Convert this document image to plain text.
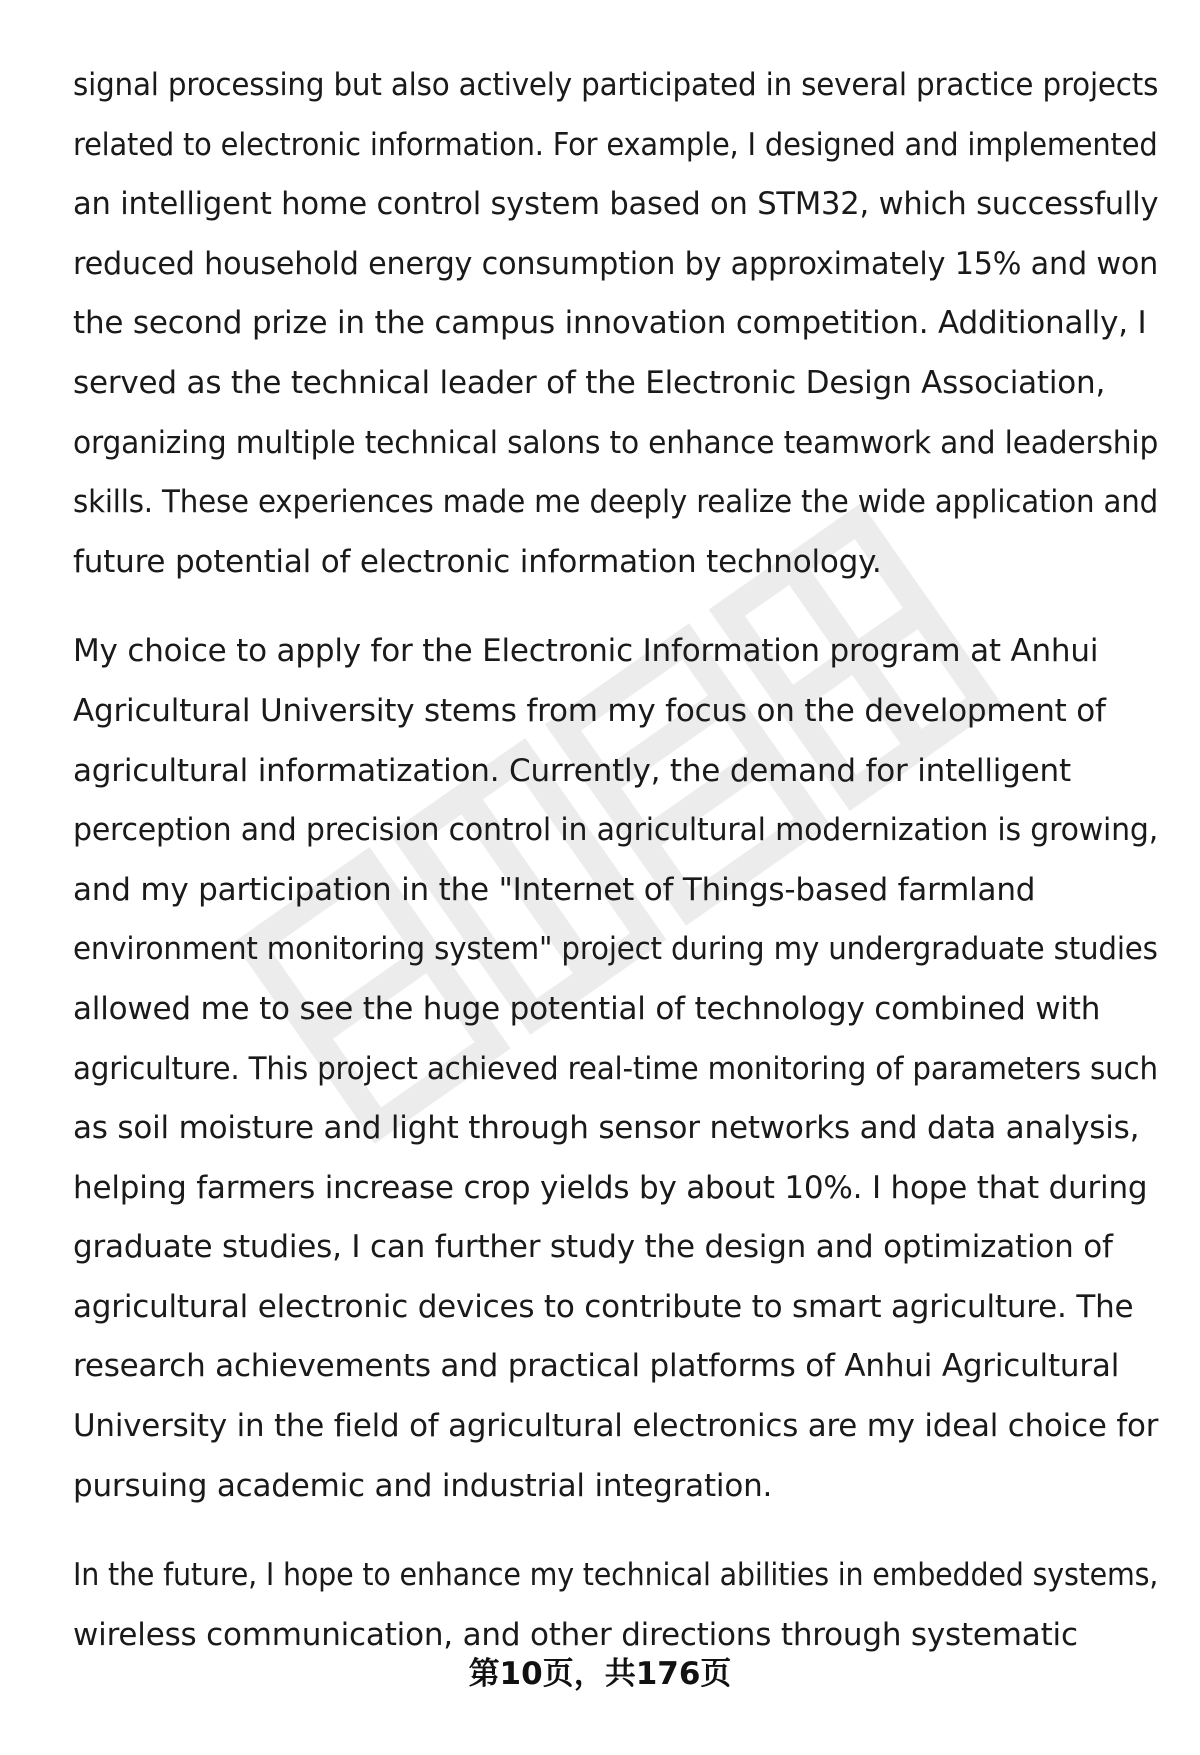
signal processing but also actively participated in several practice projects
related to electronic information. For example, I designed and implemented
an intelligent home control system based on STM32, which successfully
reduced household energy consumption by approximately 15% and won
the second prize in the campus innovation competition. Additionally, I
served as the technical leader of the Electronic Design Association,
organizing multiple technical salons to enhance teamwork and leadership
skills. These experiences made me deeply realize the wide application and
future potential of electronic information technology.

My choice to apply for the Electronic Information program at Anhui
Agricultural University stems from my focus on the development of
agricultural informatization. Currently, the demand for intelligent
perception and precision control in agricultural modernization is growing,
and my participation in the "Internet of Things-based farmland
environment monitoring system" project during my undergraduate studies
allowed me to see the huge potential of technology combined with
agriculture. This project achieved real-time monitoring of parameters such
as soil moisture and light through sensor networks and data analysis,
helping farmers increase crop yields by about 10%. I hope that during
graduate studies, I can further study the design and optimization of
agricultural electronic devices to contribute to smart agriculture. The
research achievements and practical platforms of Anhui Agricultural
University in the field of agricultural electronics are my ideal choice for
pursuing academic and industrial integration.

In the future, I hope to enhance my technical abilities in embedded systems,
wireless communication, and other directions through systematic

第10页，共176页
